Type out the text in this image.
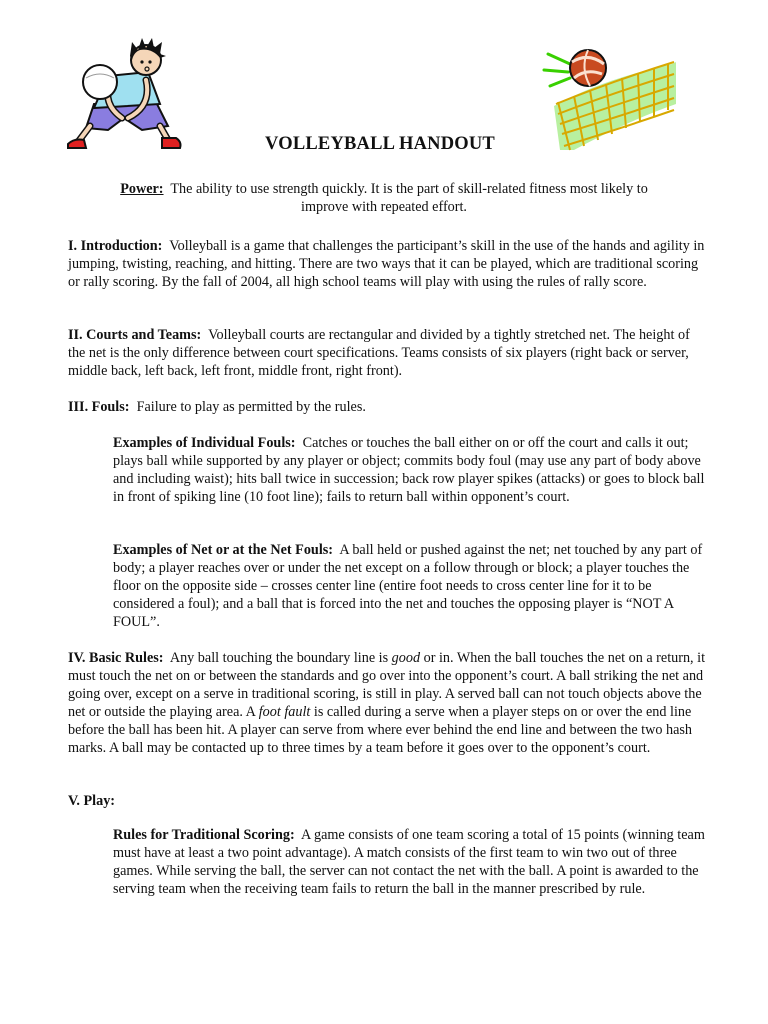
VOLLEYBALL HANDOUT
Power: The ability to use strength quickly. It is the part of skill-related fitness most likely to improve with repeated effort.

I. Introduction: Volleyball is a game that challenges the participant’s skill in the use of the hands and agility in jumping, twisting, reaching, and hitting. There are two ways that it can be played, which are traditional scoring or rally scoring. By the fall of 2004, all high school teams will play with using the rules of rally score.

II. Courts and Teams: Volleyball courts are rectangular and divided by a tightly stretched net. The height of the net is the only difference between court specifications. Teams consists of six players (right back or server, middle back, left back, left front, middle front, right front).

III. Fouls: Failure to play as permitted by the rules.

Examples of Individual Fouls: Catches or touches the ball either on or off the court and calls it out; plays ball while supported by any player or object; commits body foul (may use any part of body above and including waist); hits ball twice in succession; back row player spikes (attacks) or goes to block ball in front of spiking line (10 foot line); fails to return ball within opponent’s court.

Examples of Net or at the Net Fouls: A ball held or pushed against the net; net touched by any part of body; a player reaches over or under the net except on a follow through or block; a player touches the floor on the opposite side – crosses center line (entire foot needs to cross center line for it to be considered a foul); and a ball that is forced into the net and touches the opposing player is “NOT A FOUL”.

IV. Basic Rules: Any ball touching the boundary line is good or in. When the ball touches the net on a return, it must touch the net on or between the standards and go over into the opponent’s court. A ball striking the net and going over, except on a serve in traditional scoring, is still in play. A served ball can not touch objects above the net or outside the playing area. A foot fault is called during a serve when a player steps on or over the end line before the ball has been hit. A player can serve from where ever behind the end line and between the two hash marks. A ball may be contacted up to three times by a team before it goes over to the opponent’s court.

V. Play:

Rules for Traditional Scoring: A game consists of one team scoring a total of 15 points (winning team must have at least a two point advantage). A match consists of the first team to win two out of three games. While serving the ball, the server can not contact the net with the ball. A point is awarded to the serving team when the receiving team fails to return the ball in the manner prescribed by rule.
